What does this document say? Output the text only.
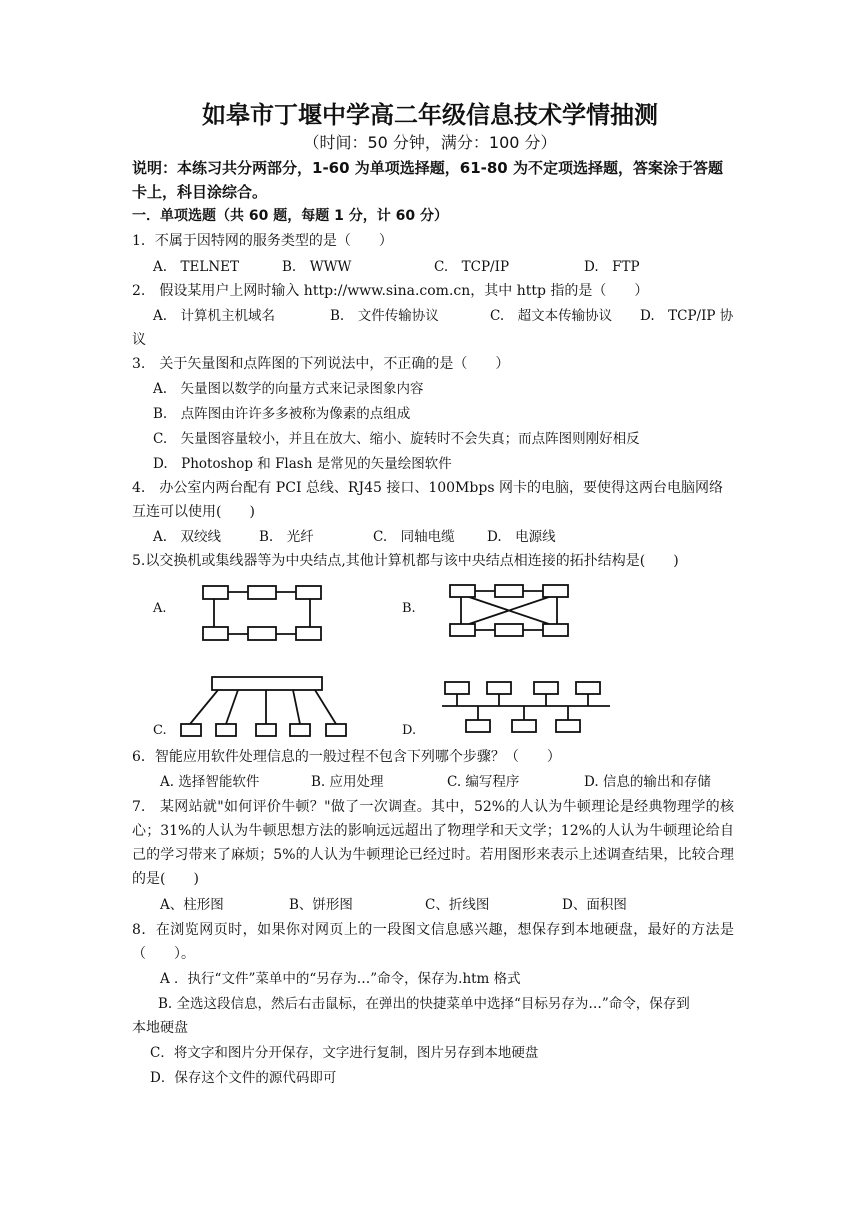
如皋市丁堰中学高二年级信息技术学情抽测
（时间：50 分钟，满分：100 分）
说明：本练习共分两部分，1-60 为单项选择题，61-80 为不定项选择题，答案涂于答题卡上，科目涂综合。
一．单项选题（共 60 题，每题 1 分，计 60 分）
1．不属于因特网的服务类型的是（　　）
A.　TELNET	B.　WWW	C.　TCP/IP	D.　FTP
2.　假设某用户上网时输入 http://www.sina.com.cn，其中 http 指的是（　　）
A.　计算机主机域名	B.　文件传输协议	C.　超文本传输协议 D.　TCP/IP 协
议
3.　关于矢量图和点阵图的下列说法中，不正确的是（　　）
A.　矢量图以数学的向量方式来记录图象内容
B.　点阵图由许许多多被称为像素的点组成
C.　矢量图容量较小，并且在放大、缩小、旋转时不会失真；而点阵图则刚好相反
D.　Photoshop 和 Flash 是常见的矢量绘图软件
4.　办公室内两台配有 PCI 总线、RJ45 接口、100Mbps 网卡的电脑，要使得这两台电脑网络
互连可以使用(　　)
A.　双绞线	B.　光纤	C.　同轴电缆 D.　电源线
5.以交换机或集线器等为中央结点,其他计算机都与该中央结点相连接的拓扑结构是(　　)
A.	B.
C.	D.
6．智能应用软件处理信息的一般过程不包含下列哪个步骤？（　　）
A. 选择智能软件	B. 应用处理	C. 编写程序	D. 信息的输出和存储
7.　某网站就"如何评价牛顿？"做了一次调查。其中，52%的人认为牛顿理论是经典物理学的核心；31%的人认为牛顿思想方法的影响远远超出了物理学和天文学；12%的人认为牛顿理论给自己的学习带来了麻烦；5%的人认为牛顿理论已经过时。若用图形来表示上述调查结果，比较合理的是(　　)
A、柱形图	B、饼形图	C、折线图	D、面积图
8．在浏览网页时，如果你对网页上的一段图文信息感兴趣，想保存到本地硬盘，最好的方法是（　　）。
A ．执行“文件”菜单中的“另存为…”命令，保存为.htm 格式
B. 全选这段信息，然后右击鼠标，在弹出的快捷菜单中选择“目标另存为…”命令，保存到
本地硬盘
C．将文字和图片分开保存，文字进行复制，图片另存到本地硬盘
D．保存这个文件的源代码即可
